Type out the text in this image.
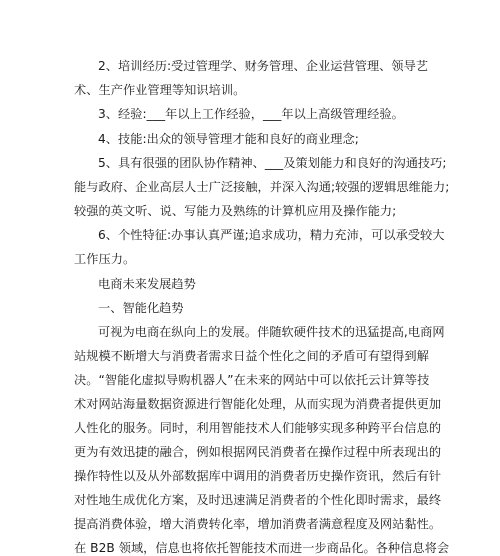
2、培训经历:受过管理学、财务管理、企业运营管理、领导艺
术、生产作业管理等知识培训。
3、经验:___年以上工作经验，___年以上高级管理经验。
4、技能:出众的领导管理才能和良好的商业理念;
5、具有很强的团队协作精神、___及策划能力和良好的沟通技巧;
能与政府、企业高层人士广泛接触，并深入沟通;较强的逻辑思维能力;
较强的英文听、说、写能力及熟练的计算机应用及操作能力;
6、个性特征:办事认真严谨;追求成功，精力充沛，可以承受较大
工作压力。
电商未来发展趋势
一、智能化趋势
可视为电商在纵向上的发展。伴随软硬件技术的迅猛提高,电商网
站规模不断增大与消费者需求日益个性化之间的矛盾可有望得到解
决。“智能化虚拟导购机器人”在未来的网站中可以依托云计算等技
术对网站海量数据资源进行智能化处理，从而实现为消费者提供更加
人性化的服务。同时，利用智能技术人们能够实现多种跨平台信息的
更为有效迅捷的融合，例如根据网民消费者在操作过程中所表现出的
操作特性以及从外部数据库中调用的消费者历史操作资讯，然后有针
对性地生成优化方案，及时迅速满足消费者的个性化即时需求，最终
提高消费体验，增大消费转化率，增加消费者满意程度及网站黏性。
在 B2B 领域，信息也将依托智能技术而进一步商品化。各种信息将会
